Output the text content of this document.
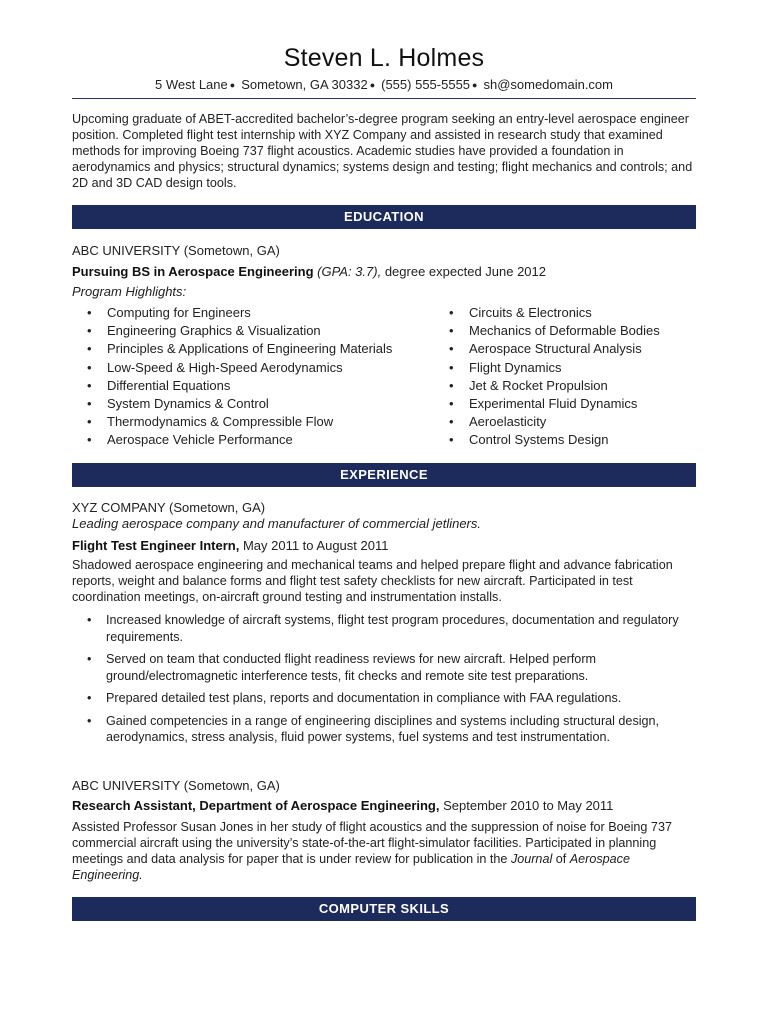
Steven L. Holmes
5 West Lane ● Sometown, GA 30332 ● (555) 555-5555 ● sh@somedomain.com
Upcoming graduate of ABET-accredited bachelor’s-degree program seeking an entry-level aerospace engineer position. Completed flight test internship with XYZ Company and assisted in research study that examined methods for improving Boeing 737 flight acoustics. Academic studies have provided a foundation in aerodynamics and physics; structural dynamics; systems design and testing; flight mechanics and controls; and 2D and 3D CAD design tools.
EDUCATION
ABC UNIVERSITY (Sometown, GA)
Pursuing BS in Aerospace Engineering (GPA: 3.7), degree expected June 2012
Program Highlights:
• Computing for Engineers
• Engineering Graphics & Visualization
• Principles & Applications of Engineering Materials
• Low-Speed & High-Speed Aerodynamics
• Differential Equations
• System Dynamics & Control
• Thermodynamics & Compressible Flow
• Aerospace Vehicle Performance
• Circuits & Electronics
• Mechanics of Deformable Bodies
• Aerospace Structural Analysis
• Flight Dynamics
• Jet & Rocket Propulsion
• Experimental Fluid Dynamics
• Aeroelasticity
• Control Systems Design
EXPERIENCE
XYZ COMPANY (Sometown, GA)
Leading aerospace company and manufacturer of commercial jetliners.
Flight Test Engineer Intern, May 2011 to August 2011
Shadowed aerospace engineering and mechanical teams and helped prepare flight and advance fabrication reports, weight and balance forms and flight test safety checklists for new aircraft. Participated in test coordination meetings, on-aircraft ground testing and instrumentation installs.
• Increased knowledge of aircraft systems, flight test program procedures, documentation and regulatory requirements.
• Served on team that conducted flight readiness reviews for new aircraft. Helped perform ground/electromagnetic interference tests, fit checks and remote site test preparations.
• Prepared detailed test plans, reports and documentation in compliance with FAA regulations.
• Gained competencies in a range of engineering disciplines and systems including structural design, aerodynamics, stress analysis, fluid power systems, fuel systems and test instrumentation.
ABC UNIVERSITY (Sometown, GA)
Research Assistant, Department of Aerospace Engineering, September 2010 to May 2011
Assisted Professor Susan Jones in her study of flight acoustics and the suppression of noise for Boeing 737 commercial aircraft using the university’s state-of-the-art flight-simulator facilities. Participated in planning meetings and data analysis for paper that is under review for publication in the Journal of Aerospace Engineering.
COMPUTER SKILLS
